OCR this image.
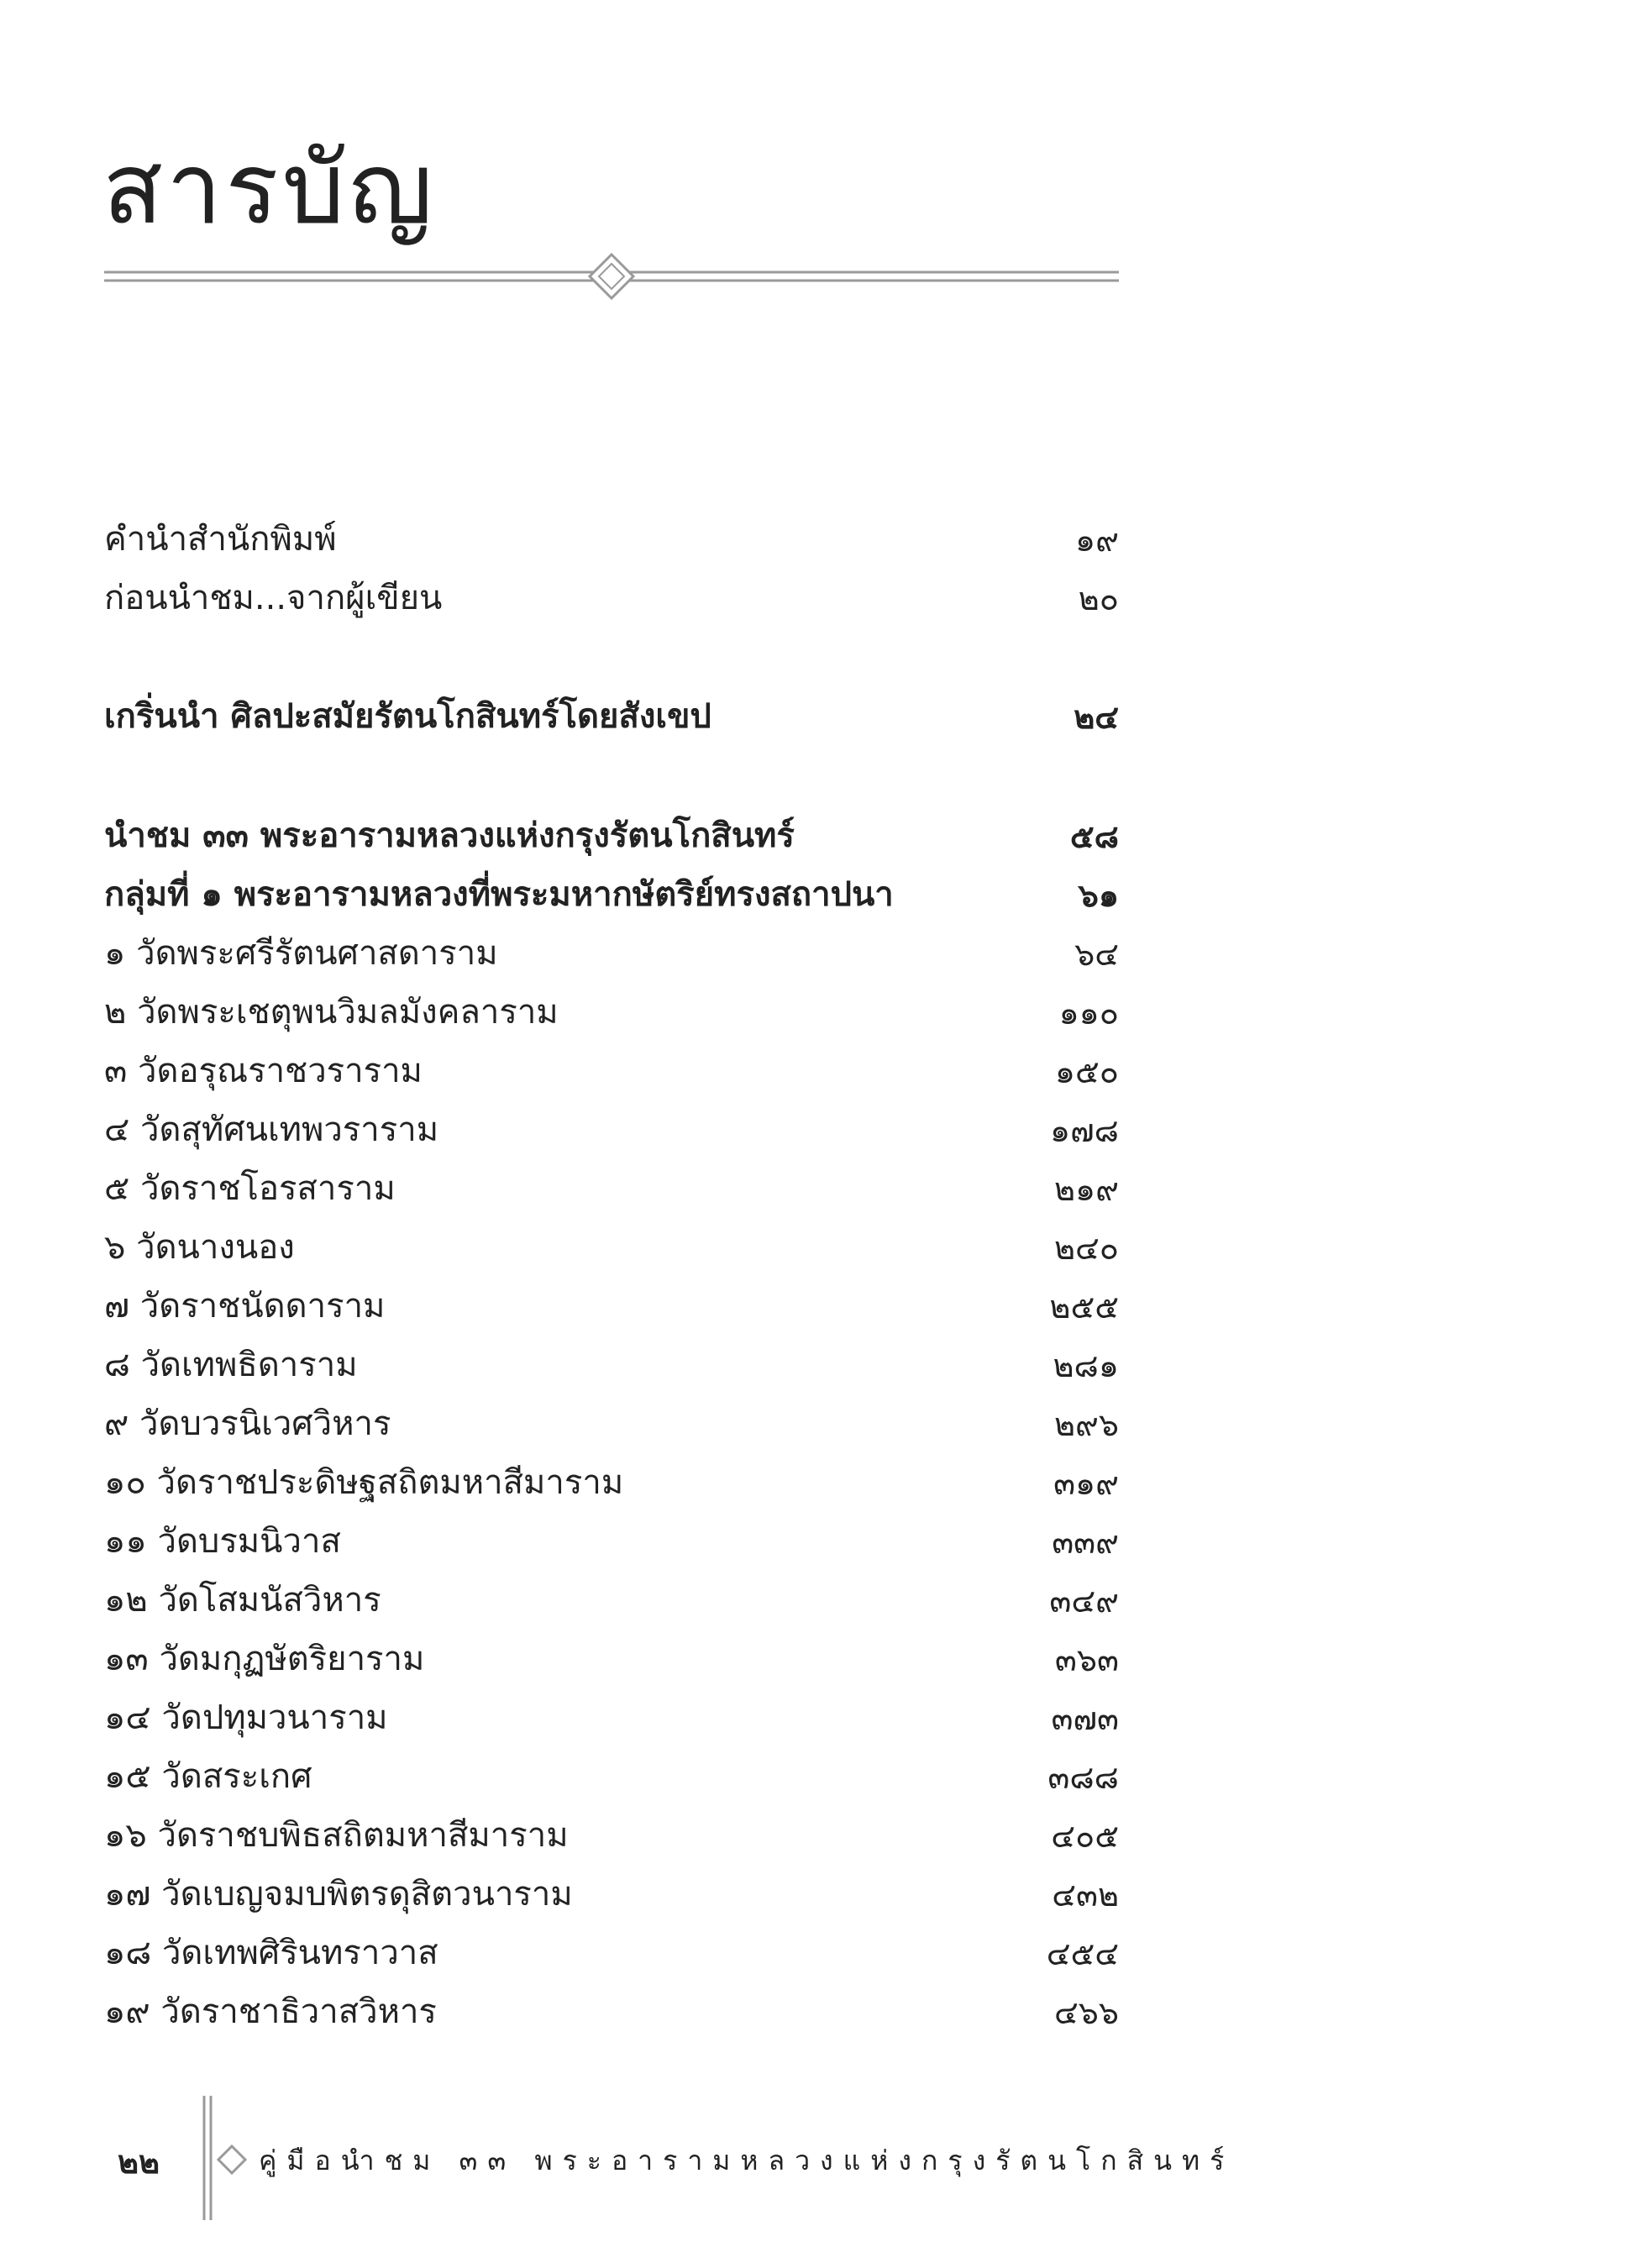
สารบัญ
คำนำสำนักพิมพ์	๑๙
ก่อนนำชม...จากผู้เขียน	๒๐
เกริ่นนำ ศิลปะสมัยรัตนโกสินทร์โดยสังเขป	๒๔
นำชม ๓๓ พระอารามหลวงแห่งกรุงรัตนโกสินทร์	๕๘
กลุ่มที่ ๑ พระอารามหลวงที่พระมหากษัตริย์ทรงสถาปนา	๖๑
๑ วัดพระศรีรัตนศาสดาราม	๖๔
๒ วัดพระเชตุพนวิมลมังคลาราม	๑๑๐
๓ วัดอรุณราชวราราม	๑๕๐
๔ วัดสุทัศนเทพวราราม	๑๗๘
๕ วัดราชโอรสาราม	๒๑๙
๖ วัดนางนอง	๒๔๐
๗ วัดราชนัดดาราม	๒๕๕
๘ วัดเทพธิดาราม	๒๘๑
๙ วัดบวรนิเวศวิหาร	๒๙๖
๑๐ วัดราชประดิษฐสถิตมหาสีมาราม	๓๑๙
๑๑ วัดบรมนิวาส	๓๓๙
๑๒ วัดโสมนัสวิหาร	๓๔๙
๑๓ วัดมกุฏษัตริยาราม	๓๖๓
๑๔ วัดปทุมวนาราม	๓๗๓
๑๕ วัดสระเกศ	๓๘๘
๑๖ วัดราชบพิธสถิตมหาสีมาราม	๔๐๕
๑๗ วัดเบญจมบพิตรดุสิตวนาราม	๔๓๒
๑๘ วัดเทพศิรินทราวาส	๔๕๔
๑๙ วัดราชาธิวาสวิหาร	๔๖๖
๒๒	คู่มือนำชม ๓๓ พระอารามหลวงแห่งกรุงรัตนโกสินทร์
